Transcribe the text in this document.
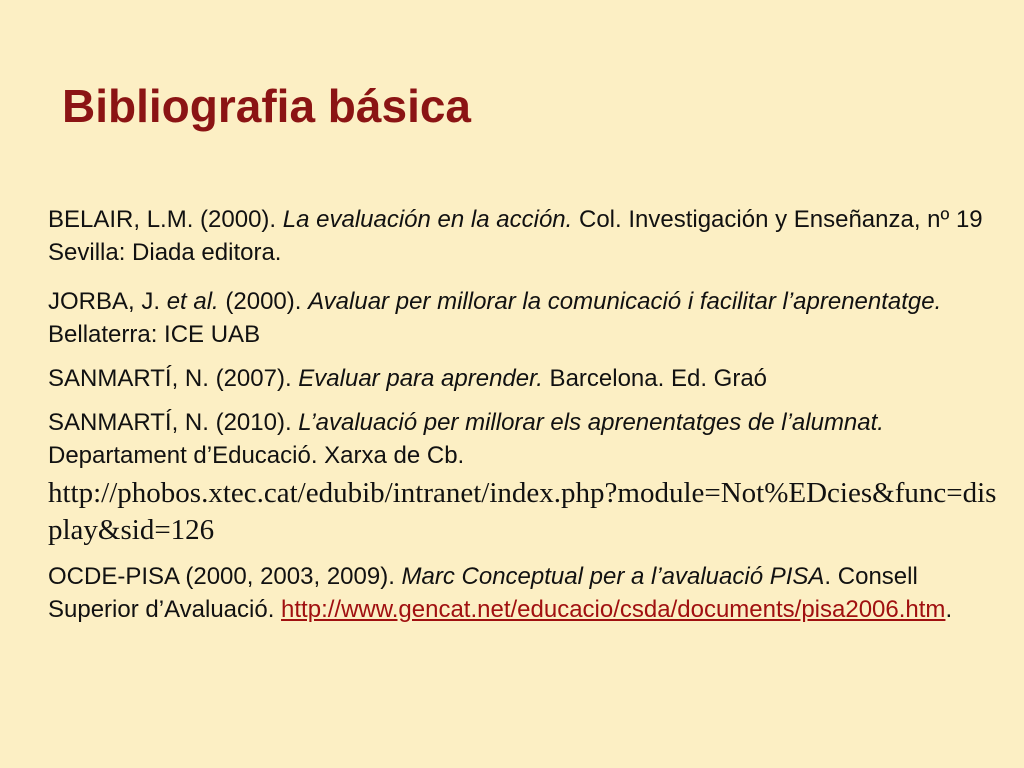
Bibliografia básica

BELAIR, L.M. (2000). La evaluación en la acción. Col. Investigación y Enseñanza, nº 19 Sevilla: Diada editora.

JORBA, J. et al. (2000). Avaluar per millorar la comunicació i facilitar l’aprenentatge. Bellaterra: ICE UAB

SANMARTÍ, N. (2007). Evaluar para aprender. Barcelona. Ed. Graó

SANMARTÍ, N. (2010). L’avaluació per millorar els aprenentatges de l’alumnat. Departament d’Educació. Xarxa de Cb.
http://phobos.xtec.cat/edubib/intranet/index.php?module=Not%EDcies&func=display&sid=126

OCDE-PISA (2000, 2003, 2009). Marc Conceptual per a l’avaluació PISA. Consell Superior d’Avaluació. http://www.gencat.net/educacio/csda/documents/pisa2006.htm.
